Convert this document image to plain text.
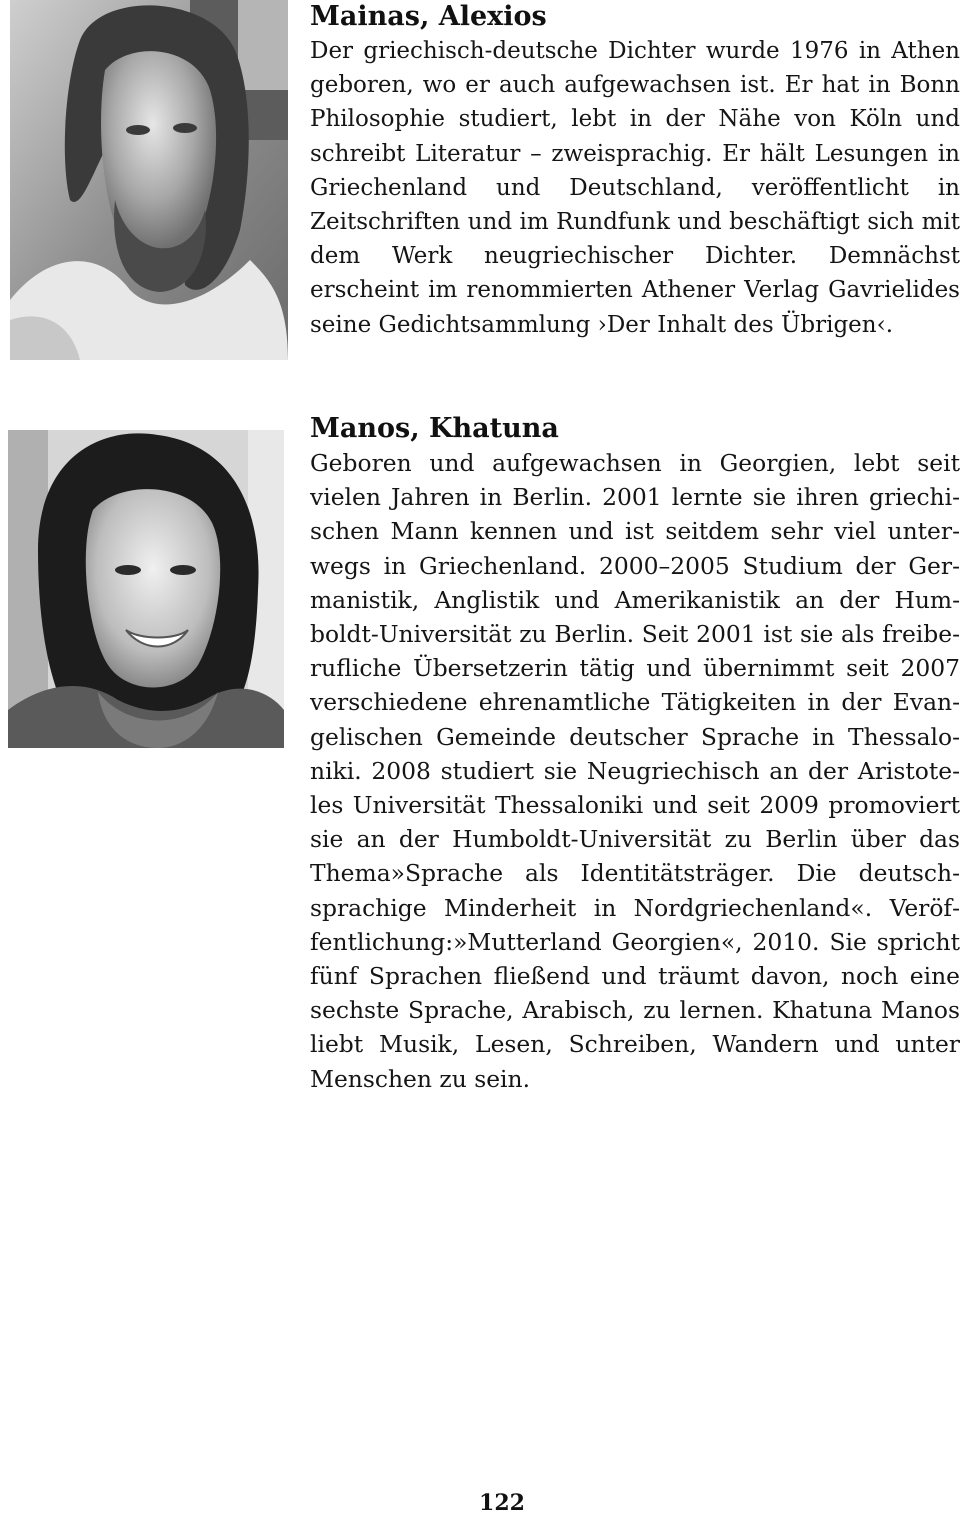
Mainas, Alexios

Der griechisch-deutsche Dichter wurde 1976 in Athen geboren, wo er auch aufgewachsen ist. Er hat in Bonn Philosophie studiert, lebt in der Nähe von Köln und schreibt Literatur – zweisprachig. Er hält Lesungen in Griechenland und Deutschland, veröffentlicht in Zeitschriften und im Rundfunk und beschäftigt sich mit dem Werk neugriechischer Dichter. Demnächst erscheint im renommierten Athener Verlag Gavrielides seine Gedichtsammlung ›Der Inhalt des Übrigen‹.

Manos, Khatuna

Geboren und aufgewachsen in Georgien, lebt seit vielen Jahren in Berlin. 2001 lernte sie ihren griechischen Mann kennen und ist seitdem sehr viel unterwegs in Griechenland. 2000–2005 Studium der Germanistik, Anglistik und Amerikanistik an der Humboldt-Universität zu Berlin. Seit 2001 ist sie als freiberufliche Übersetzerin tätig und übernimmt seit 2007 verschiedene ehrenamtliche Tätigkeiten in der Evangelischen Gemeinde deutscher Sprache in Thessaloniki. 2008 studiert sie Neugriechisch an der Aristoteles Universität Thessaloniki und seit 2009 promoviert sie an der Humboldt-Universität zu Berlin über das Thema»Sprache als Identitätsträger. Die deutschsprachige Minderheit in Nordgriechenland«. Veröffentlichung:»Mutterland Georgien«, 2010. Sie spricht fünf Sprachen fließend und träumt davon, noch eine sechste Sprache, Arabisch, zu lernen. Khatuna Manos liebt Musik, Lesen, Schreiben, Wandern und unter Menschen zu sein.

122
